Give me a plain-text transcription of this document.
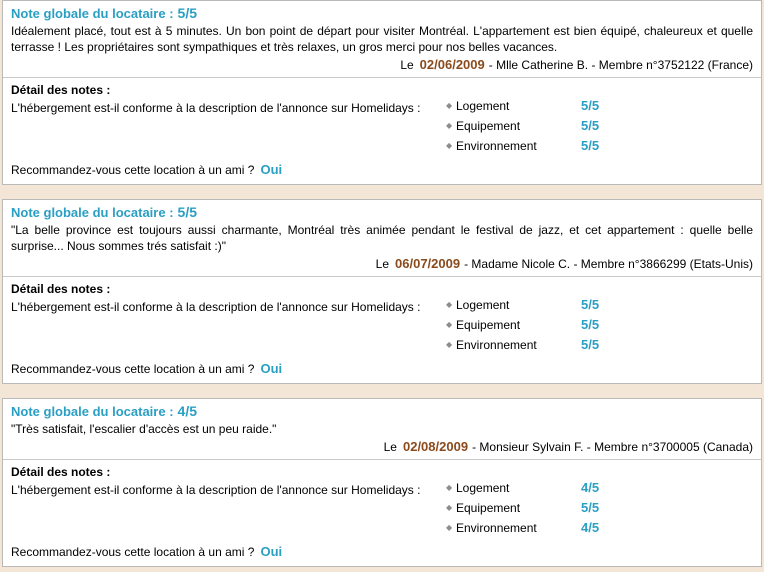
Note globale du locataire : 5/5
Idéalement placé, tout est à 5 minutes. Un bon point de départ pour visiter Montréal. L'appartement est bien équipé, chaleureux et quelle terrasse ! Les propriétaires sont sympathiques et très relaxes, un gros merci pour nos belles vacances.
Le 02/06/2009 - Mlle Catherine B. - Membre n°3752122 (France)
Détail des notes :
L'hébergement est-il conforme à la description de l'annonce sur Homelidays :	◆ Logement	5/5
◆ Equipement	5/5
◆ Environnement	5/5
Recommandez-vous cette location à un ami ? Oui
Note globale du locataire : 5/5
"La belle province est toujours aussi charmante, Montréal très animée pendant le festival de jazz, et cet appartement : quelle belle surprise... Nous sommes trés satisfait :)"
Le 06/07/2009 - Madame Nicole C. - Membre n°3866299 (Etats-Unis)
Détail des notes :
L'hébergement est-il conforme à la description de l'annonce sur Homelidays :	◆ Logement	5/5
◆ Equipement	5/5
◆ Environnement	5/5
Recommandez-vous cette location à un ami ? Oui
Note globale du locataire : 4/5
"Très satisfait, l'escalier d'accès est un peu raide."
Le 02/08/2009 - Monsieur Sylvain F. - Membre n°3700005 (Canada)
Détail des notes :
L'hébergement est-il conforme à la description de l'annonce sur Homelidays :	◆ Logement	4/5
◆ Equipement	5/5
◆ Environnement	4/5
Recommandez-vous cette location à un ami ? Oui
